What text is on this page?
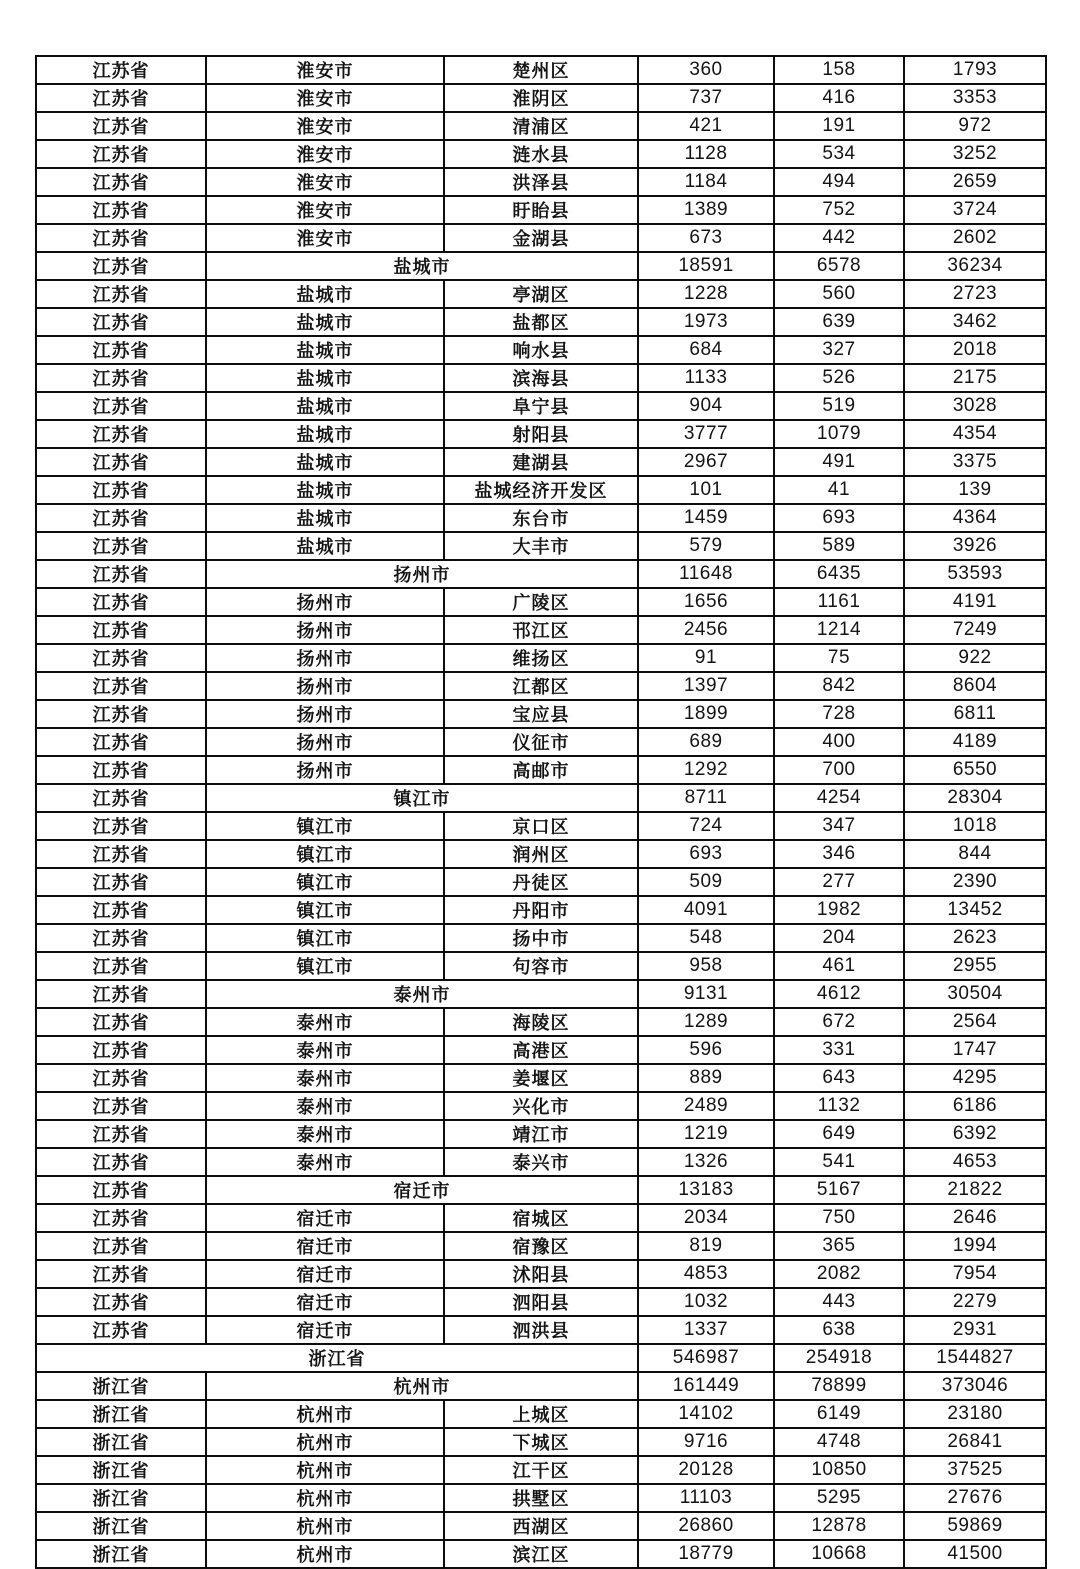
江苏省	淮安市	楚州区	360	158	1793
江苏省	淮安市	淮阴区	737	416	3353
江苏省	淮安市	清浦区	421	191	972
江苏省	淮安市	涟水县	1128	534	3252
江苏省	淮安市	洪泽县	1184	494	2659
江苏省	淮安市	盱眙县	1389	752	3724
江苏省	淮安市	金湖县	673	442	2602
江苏省	盐城市		18591	6578	36234
江苏省	盐城市	亭湖区	1228	560	2723
江苏省	盐城市	盐都区	1973	639	3462
江苏省	盐城市	响水县	684	327	2018
江苏省	盐城市	滨海县	1133	526	2175
江苏省	盐城市	阜宁县	904	519	3028
江苏省	盐城市	射阳县	3777	1079	4354
江苏省	盐城市	建湖县	2967	491	3375
江苏省	盐城市	盐城经济开发区	101	41	139
江苏省	盐城市	东台市	1459	693	4364
江苏省	盐城市	大丰市	579	589	3926
江苏省	扬州市		11648	6435	53593
江苏省	扬州市	广陵区	1656	1161	4191
江苏省	扬州市	邗江区	2456	1214	7249
江苏省	扬州市	维扬区	91	75	922
江苏省	扬州市	江都区	1397	842	8604
江苏省	扬州市	宝应县	1899	728	6811
江苏省	扬州市	仪征市	689	400	4189
江苏省	扬州市	高邮市	1292	700	6550
江苏省	镇江市		8711	4254	28304
江苏省	镇江市	京口区	724	347	1018
江苏省	镇江市	润州区	693	346	844
江苏省	镇江市	丹徒区	509	277	2390
江苏省	镇江市	丹阳市	4091	1982	13452
江苏省	镇江市	扬中市	548	204	2623
江苏省	镇江市	句容市	958	461	2955
江苏省	泰州市		9131	4612	30504
江苏省	泰州市	海陵区	1289	672	2564
江苏省	泰州市	高港区	596	331	1747
江苏省	泰州市	姜堰区	889	643	4295
江苏省	泰州市	兴化市	2489	1132	6186
江苏省	泰州市	靖江市	1219	649	6392
江苏省	泰州市	泰兴市	1326	541	4653
江苏省	宿迁市		13183	5167	21822
江苏省	宿迁市	宿城区	2034	750	2646
江苏省	宿迁市	宿豫区	819	365	1994
江苏省	宿迁市	沭阳县	4853	2082	7954
江苏省	宿迁市	泗阳县	1032	443	2279
江苏省	宿迁市	泗洪县	1337	638	2931
浙江省			546987	254918	1544827
浙江省	杭州市		161449	78899	373046
浙江省	杭州市	上城区	14102	6149	23180
浙江省	杭州市	下城区	9716	4748	26841
浙江省	杭州市	江干区	20128	10850	37525
浙江省	杭州市	拱墅区	11103	5295	27676
浙江省	杭州市	西湖区	26860	12878	59869
浙江省	杭州市	滨江区	18779	10668	41500
